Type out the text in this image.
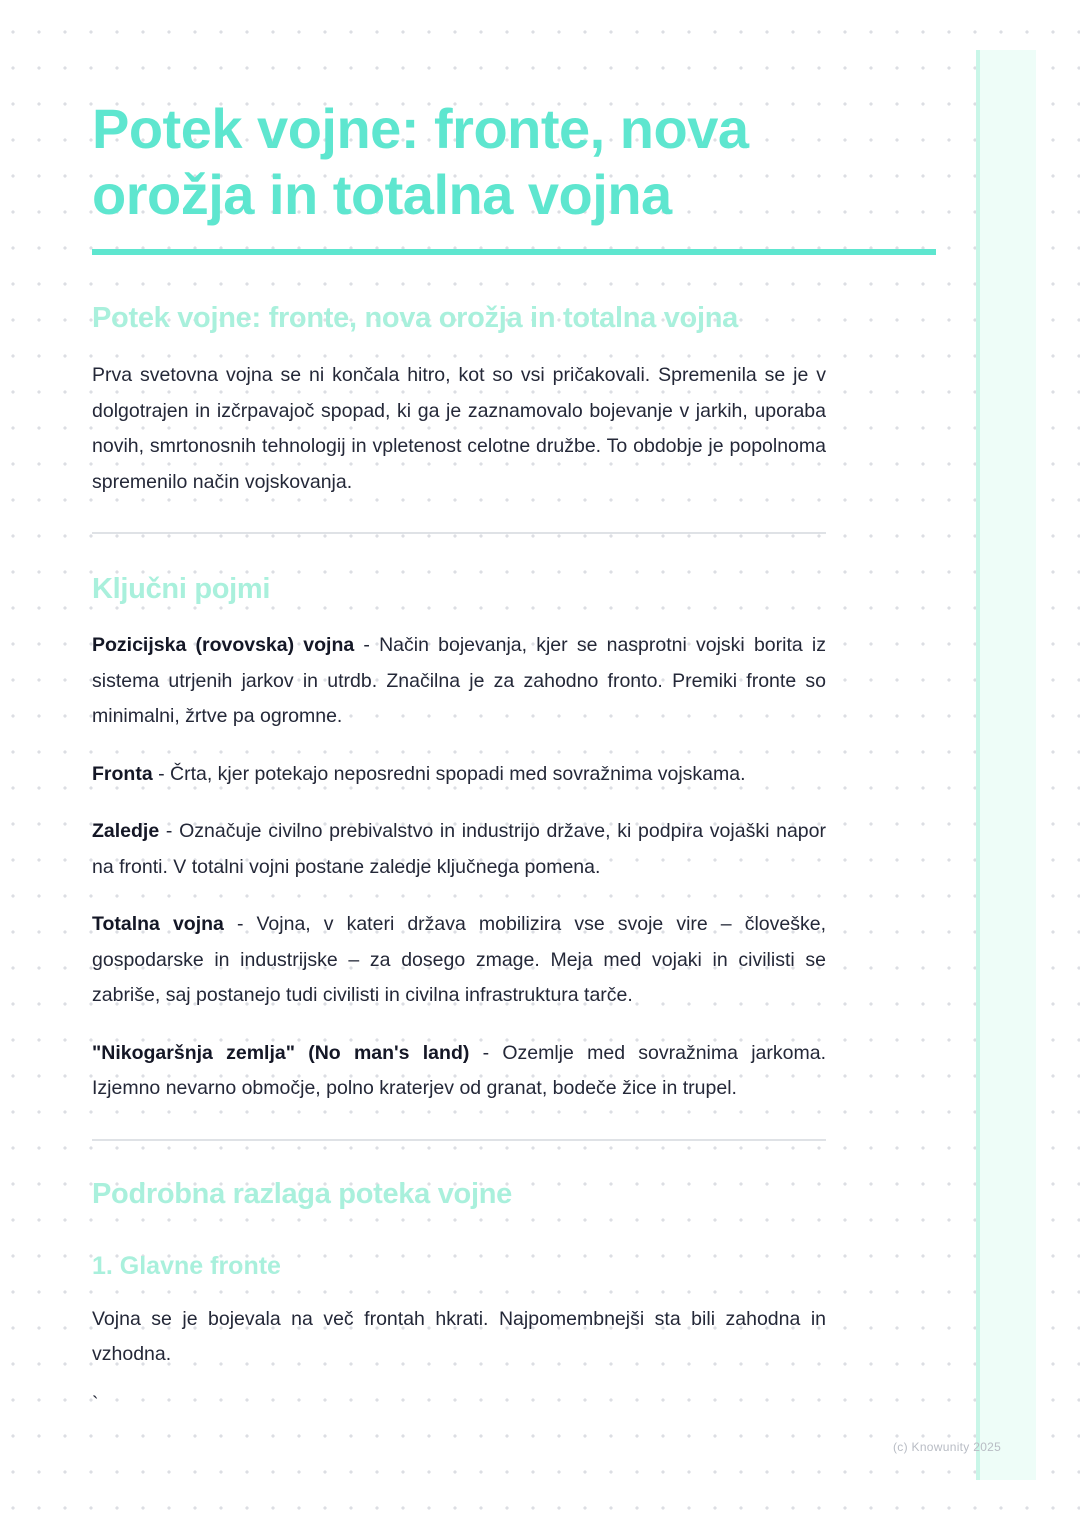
Potek vojne: fronte, nova orožja in totalna vojna
Potek vojne: fronte, nova orožja in totalna vojna

Prva svetovna vojna se ni končala hitro, kot so vsi pričakovali. Spremenila se je v dolgotrajen in izčrpavajoč spopad, ki ga je zaznamovalo bojevanje v jarkih, uporaba novih, smrtonosnih tehnologij in vpletenost celotne družbe. To obdobje je popolnoma spremenilo način vojskovanja.

Ključni pojmi

Pozicijska (rovovska) vojna - Način bojevanja, kjer se nasprotni vojski borita iz sistema utrjenih jarkov in utrdb. Značilna je za zahodno fronto. Premiki fronte so minimalni, žrtve pa ogromne.

Fronta - Črta, kjer potekajo neposredni spopadi med sovražnima vojskama.

Zaledje - Označuje civilno prebivalstvo in industrijo države, ki podpira vojaški napor na fronti. V totalni vojni postane zaledje ključnega pomena.

Totalna vojna - Vojna, v kateri država mobilizira vse svoje vire – človeške, gospodarske in industrijske – za dosego zmage. Meja med vojaki in civilisti se zabriše, saj postanejo tudi civilisti in civilna infrastruktura tarče.

"Nikogaršnja zemlja" (No man's land) - Ozemlje med sovražnima jarkoma. Izjemno nevarno območje, polno kraterjev od granat, bodeče žice in trupel.

Podrobna razlaga poteka vojne
1. Glavne fronte

Vojna se je bojevala na več frontah hkrati. Najpomembnejši sta bili zahodna in vzhodna.

`

(c) Knowunity 2025
